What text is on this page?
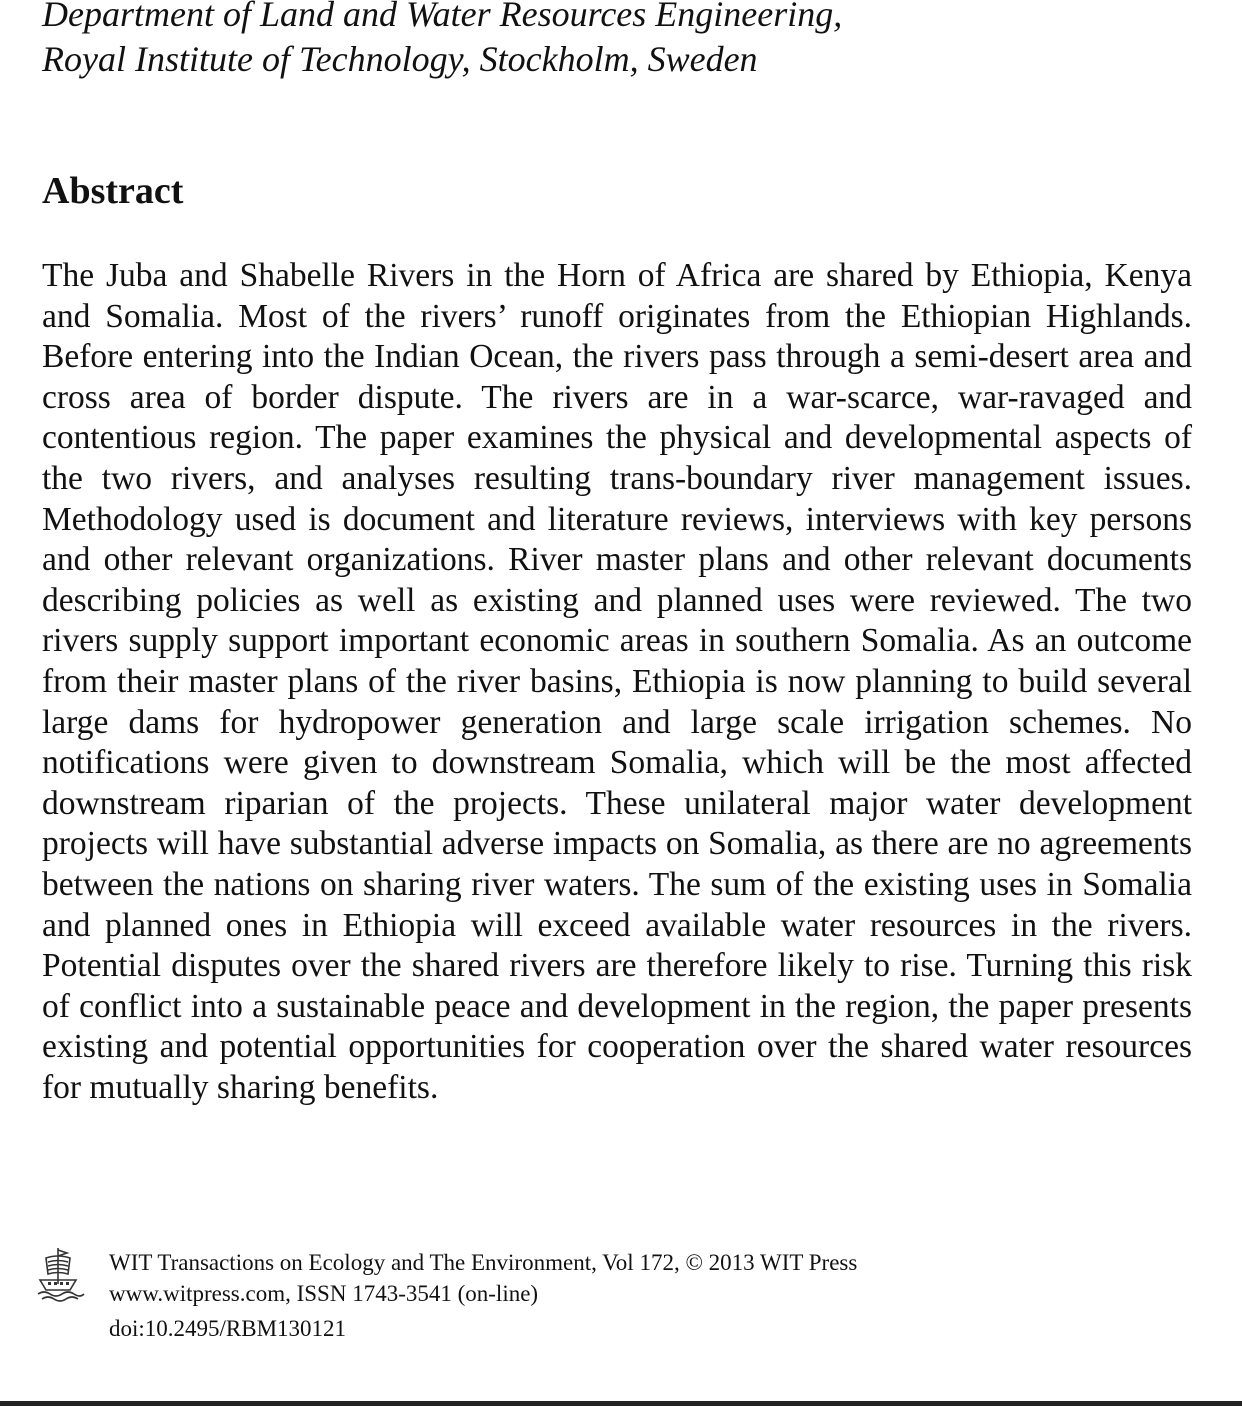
Department of Land and Water Resources Engineering,
Royal Institute of Technology, Stockholm, Sweden
Abstract

The Juba and Shabelle Rivers in the Horn of Africa are shared by Ethiopia, Kenya and Somalia. Most of the rivers’ runoff originates from the Ethiopian Highlands. Before entering into the Indian Ocean, the rivers pass through a semi-desert area and cross area of border dispute. The rivers are in a war-scarce, war-ravaged and contentious region. The paper examines the physical and developmental aspects of the two rivers, and analyses resulting trans-boundary river management issues. Methodology used is document and literature reviews, interviews with key persons and other relevant organizations. River master plans and other relevant documents describing policies as well as existing and planned uses were reviewed. The two rivers supply support important economic areas in southern Somalia. As an outcome from their master plans of the river basins, Ethiopia is now planning to build several large dams for hydropower generation and large scale irrigation schemes. No notifications were given to downstream Somalia, which will be the most affected downstream riparian of the projects. These unilateral major water development projects will have substantial adverse impacts on Somalia, as there are no agreements between the nations on sharing river waters. The sum of the existing uses in Somalia and planned ones in Ethiopia will exceed available water resources in the rivers. Potential disputes over the shared rivers are therefore likely to rise. Turning this risk of conflict into a sustainable peace and development in the region, the paper presents existing and potential opportunities for cooperation over the shared water resources for mutually sharing benefits.

WIT Transactions on Ecology and The Environment, Vol 172, © 2013 WIT Press
www.witpress.com, ISSN 1743-3541 (on-line)
doi:10.2495/RBM130121
